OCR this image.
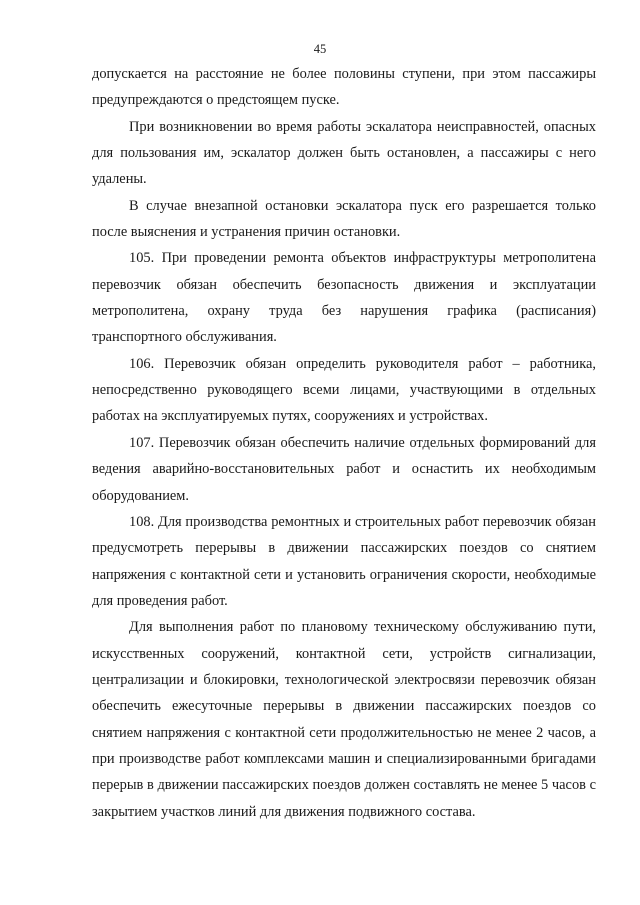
45

допускается на расстояние не более половины ступени, при этом пассажиры предупреждаются о предстоящем пуске.

При возникновении во время работы эскалатора неисправностей, опасных для пользования им, эскалатор должен быть остановлен, а пассажиры с него удалены.

В случае внезапной остановки эскалатора пуск его разрешается только после выяснения и устранения причин остановки.

105. При проведении ремонта объектов инфраструктуры метрополитена перевозчик обязан обеспечить безопасность движения и эксплуатации метрополитена, охрану труда без нарушения графика (расписания) транспортного обслуживания.

106. Перевозчик обязан определить руководителя работ – работника, непосредственно руководящего всеми лицами, участвующими в отдельных работах на эксплуатируемых путях, сооружениях и устройствах.

107. Перевозчик обязан обеспечить наличие отдельных формирований для ведения аварийно-восстановительных работ и оснастить их необходимым оборудованием.

108. Для производства ремонтных и строительных работ перевозчик обязан предусмотреть перерывы в движении пассажирских поездов со снятием напряжения с контактной сети и установить ограничения скорости, необходимые для проведения работ.

Для выполнения работ по плановому техническому обслуживанию пути, искусственных сооружений, контактной сети, устройств сигнализации, централизации и блокировки, технологической электросвязи перевозчик обязан обеспечить ежесуточные перерывы в движении пассажирских поездов со снятием напряжения с контактной сети продолжительностью не менее 2 часов, а при производстве работ комплексами машин и специализированными бригадами перерыв в движении пассажирских поездов должен составлять не менее 5 часов с закрытием участков линий для движения подвижного состава.
